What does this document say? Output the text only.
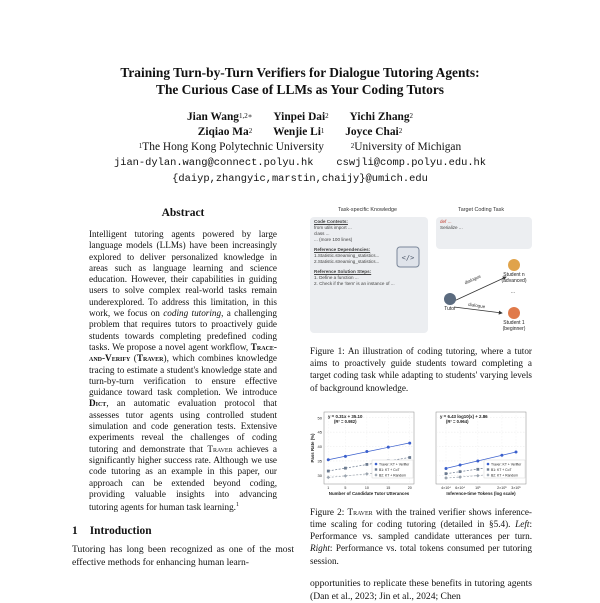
Training Turn-by-Turn Verifiers for Dialogue Tutoring Agents:
The Curious Case of LLMs as Your Coding Tutors
Jian Wang$^{1,2∗}$ Yinpei Dai$^2$ Yichi Zhang$^2$
Ziqiao Ma$^2$ Wenjie Li$^1$ Joyce Chai$^2$
$^1$The Hong Kong Polytechnic University	$^2$University of Michigan
jian-dylan.wang@connect.polyu.hk cswjli@comp.polyu.edu.hk
{daiyp,zhangyic,marstin,chaijy}@umich.edu
Abstract
Intelligent tutoring agents powered by large language models (LLMs) have been increasingly explored to deliver personalized knowledge in areas such as language learning and science education. However, their capabilities in guiding users to solve complex real-world tasks remain underexplored. To address this limitation, in this work, we focus on coding tutoring, a challenging problem that requires tutors to proactively guide students towards completing predefined coding tasks. We propose a novel agent workflow, Trace-and-Verify (Traver), which combines knowledge tracing to estimate a student's knowledge state and turn-by-turn verification to ensure effective guidance toward task completion. We introduce Dict, an automatic evaluation protocol that assesses tutor agents using controlled student simulation and code generation tests. Extensive experiments reveal the challenges of coding tutoring and demonstrate that Traver achieves a significantly higher success rate. Although we use code tutoring as an example in this paper, our approach can be extended beyond coding, providing valuable insights into advancing tutoring agents for human task learning.$^1$
1 Introduction
Tutoring has long been recognized as one of the most effective methods for enhancing human learn-
Task-specific Knowledge	Target Coding Task
Code Contexts:
from utils import ...
class ...
... (more 100 lines)
Reference Dependencies:
1.Statistic.streaming_statistics...
2.Statistic.streaming_statistics...
Reference Solution Steps:
1. Define a function ...
2. Check if the 'item' is an instance of ...
</>
def ...
Serialize ...
dialogue
dialogue
Tutor
Student n (advanced)
...
Student 1 (beginner)
Figure 1: An illustration of coding tutoring, where a tutor aims to proactively guide students toward completing a target coding task while adapting to students' varying levels of background knowledge.
30
35
40
45
50
1	5	10	15	20
y = 0.31x + 35.10
(R² = 0.982)
Traver: KT + Verifier
B1: KT + CoT
B2: KT + Random
Number of Candidate Tutor Utterances
4×10⁴ 6×10⁴	10⁵	2×10⁵ 3×10⁵
y = 6.43 log10(x) + 2.86
(R² = 0.964)
Traver: KT + Verifier
B1: KT + CoT
B2: KT + Random
Inference-time Tokens (log scale)
Pass Rate (%)
Figure 2: Traver with the trained verifier shows inference-time scaling for coding tutoring (detailed in §5.4). Left: Performance vs. sampled candidate utterances per turn. Right: Performance vs. total tokens consumed per tutoring session.
opportunities to replicate these benefits in tutoring agents (Dan et al., 2023; Jin et al., 2024; Chen
